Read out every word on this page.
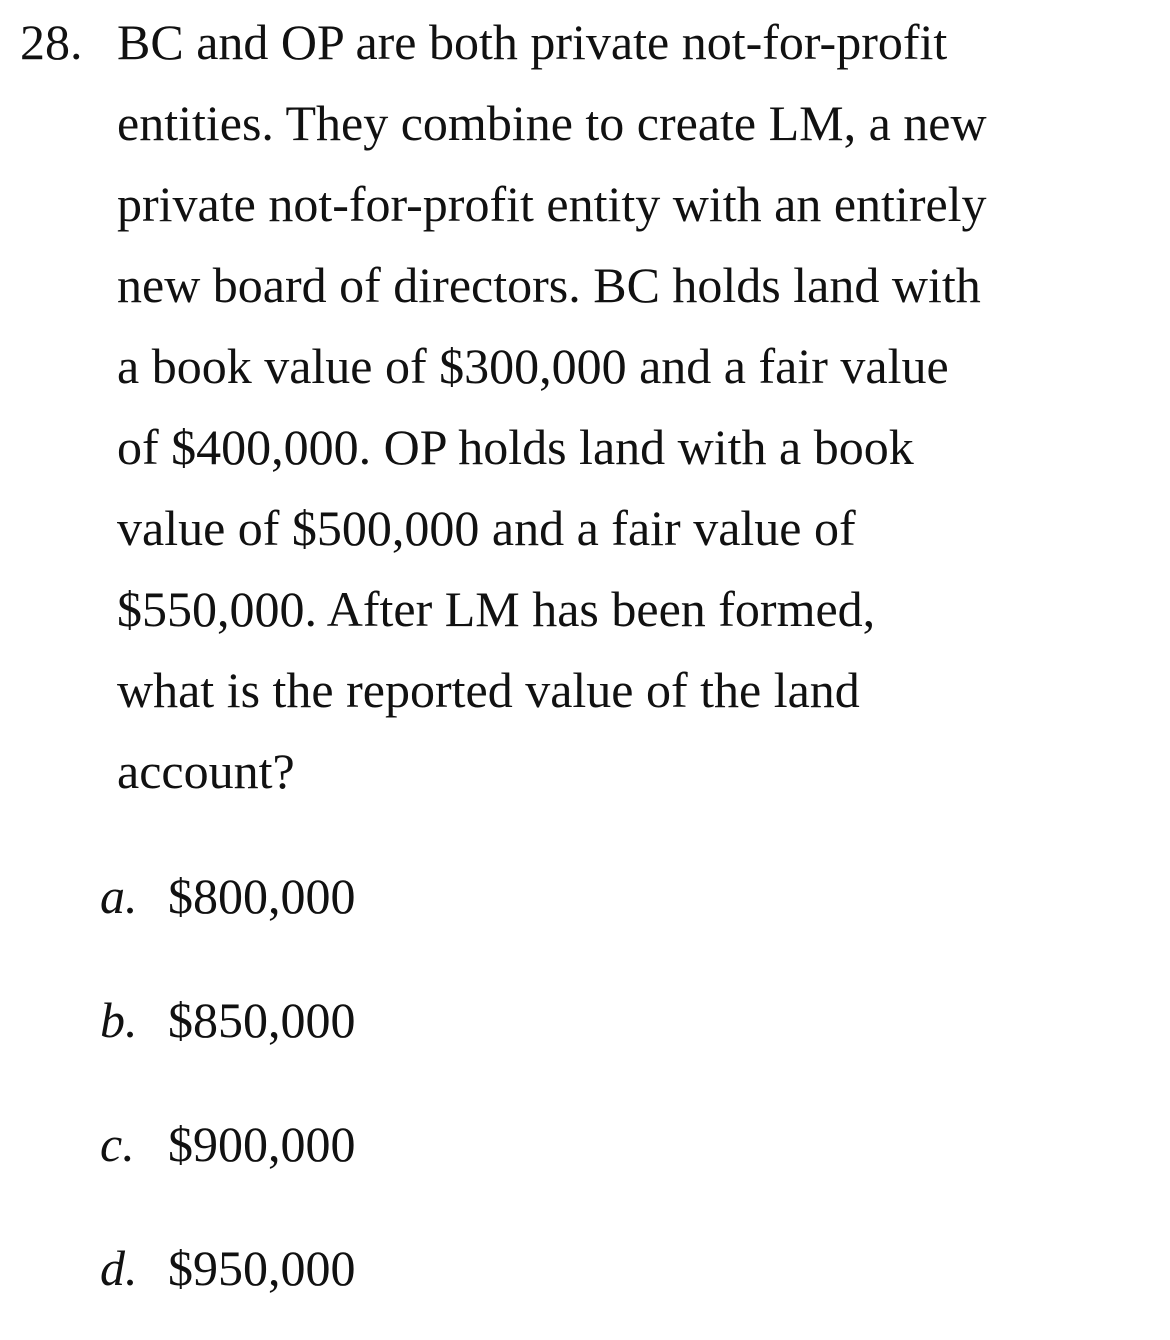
28. BC and OP are both private not-for-profit
entities. They combine to create LM, a new
private not-for-profit entity with an entirely
new board of directors. BC holds land with
a book value of $300,000 and a fair value
of $400,000. OP holds land with a book
value of $500,000 and a fair value of
$550,000. After LM has been formed,
what is the reported value of the land
account?
a. $800,000
b. $850,000
c. $900,000
d. $950,000
